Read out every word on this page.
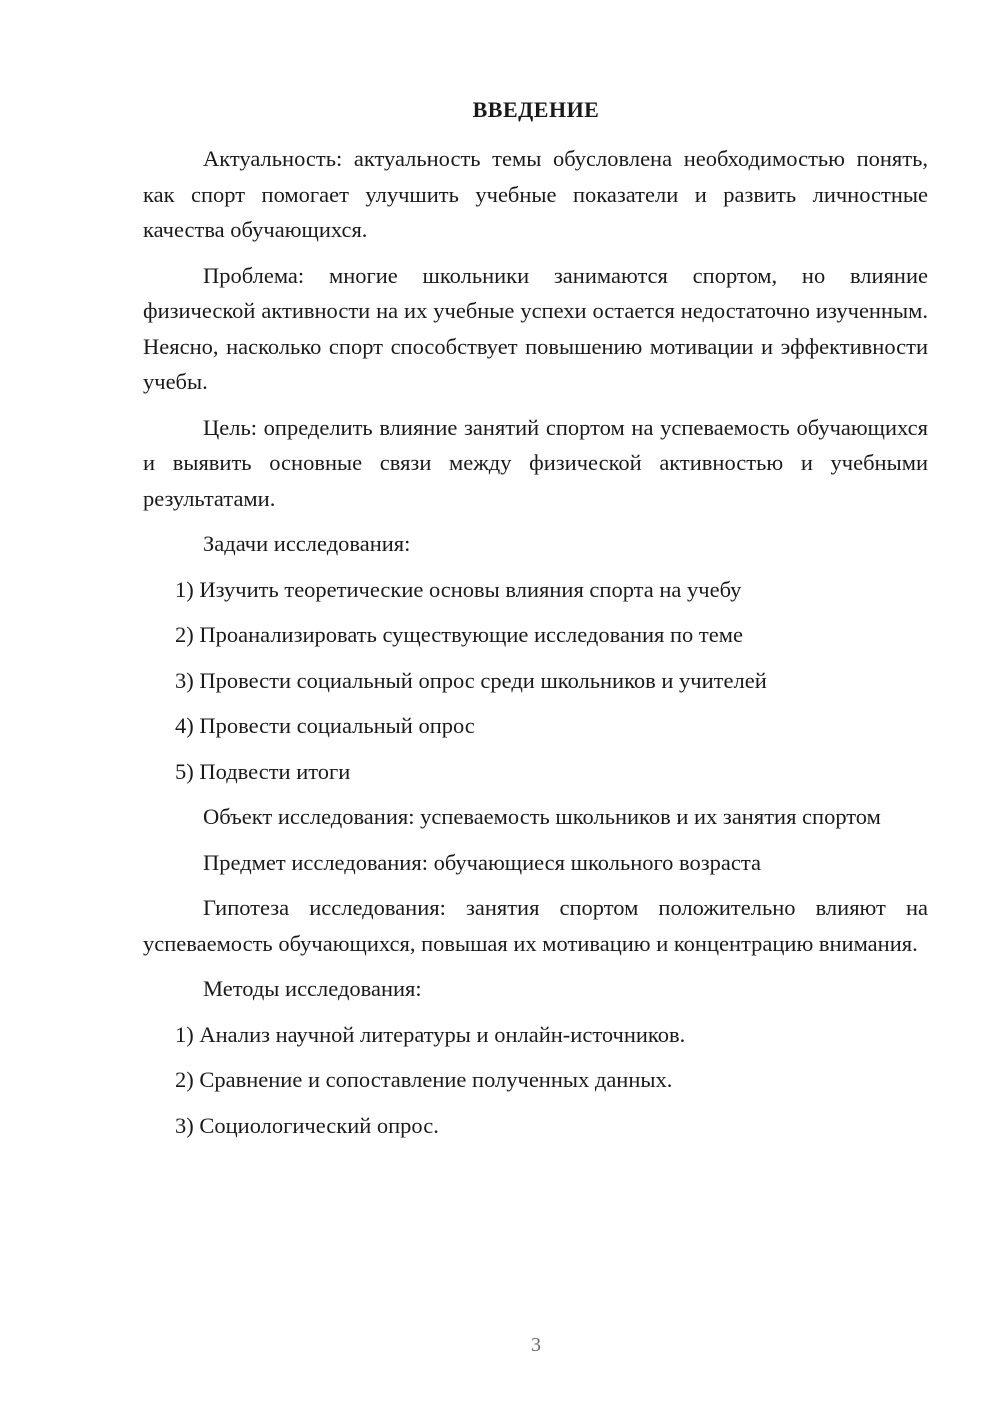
ВВЕДЕНИЕ

Актуальность: актуальность темы обусловлена необходимостью понять, как спорт помогает улучшить учебные показатели и развить личностные качества обучающихся.

Проблема: многие школьники занимаются спортом, но влияние физической активности на их учебные успехи остается недостаточно изученным. Неясно, насколько спорт способствует повышению мотивации и эффективности учебы.

Цель: определить влияние занятий спортом на успеваемость обучающихся и выявить основные связи между физической активностью и учебными результатами.

Задачи исследования:

1) Изучить теоретические основы влияния спорта на учебу

2) Проанализировать существующие исследования по теме

3) Провести социальный опрос среди школьников и учителей

4) Провести социальный опрос

5) Подвести итоги

Объект исследования: успеваемость школьников и их занятия спортом

Предмет исследования: обучающиеся школьного возраста

Гипотеза исследования: занятия спортом положительно влияют на успеваемость обучающихся, повышая их мотивацию и концентрацию внимания.

Методы исследования:

1) Анализ научной литературы и онлайн-источников.

2) Сравнение и сопоставление полученных данных.

3) Социологический опрос.

3
